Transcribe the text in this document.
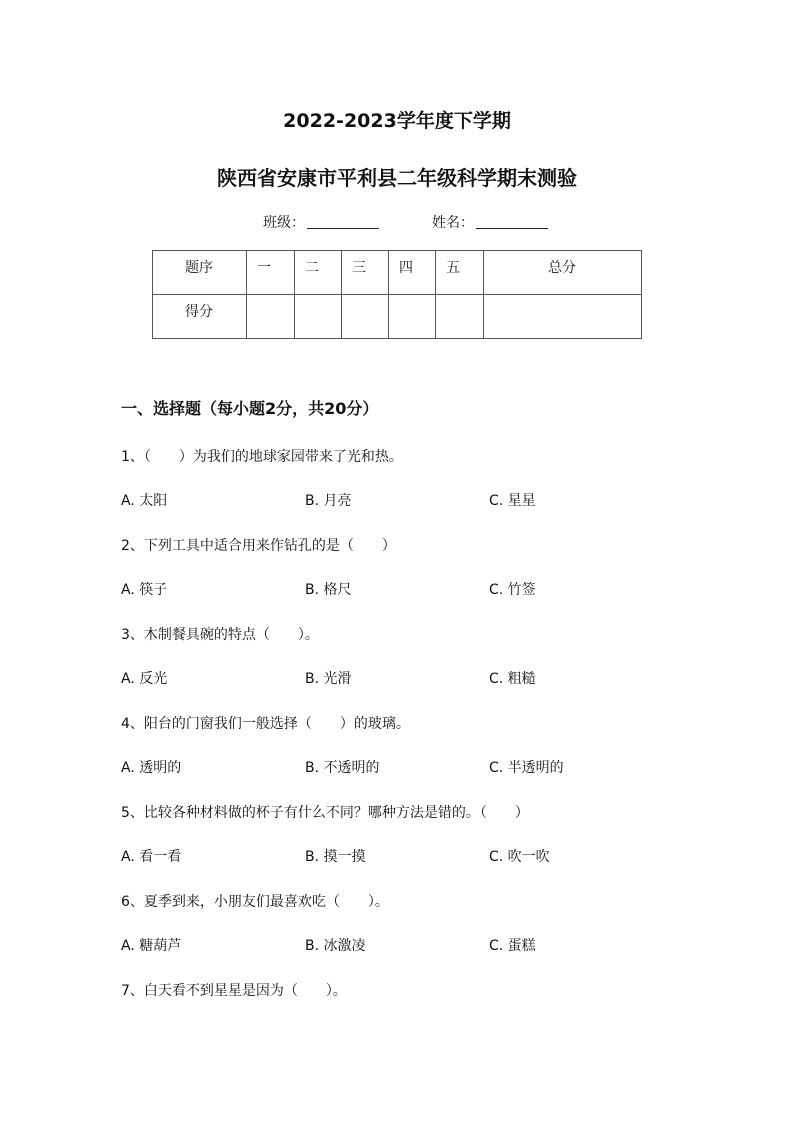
2022-2023学年度下学期
陕西省安康市平利县二年级科学期末测验
班级：	姓名：
题序	一	二	三	四	五	总分
得分						
一、选择题（每小题2分，共20分）
1、（　　）为我们的地球家园带来了光和热。
A. 太阳	B. 月亮	C. 星星
2、下列工具中适合用来作钻孔的是（　　）
A. 筷子	B. 格尺	C. 竹签
3、木制餐具碗的特点（　　）。
A. 反光	B. 光滑	C. 粗糙
4、阳台的门窗我们一般选择（　　）的玻璃。
A. 透明的	B. 不透明的	C. 半透明的
5、比较各种材料做的杯子有什么不同？哪种方法是错的。（　　）
A. 看一看	B. 摸一摸	C. 吹一吹
6、夏季到来，小朋友们最喜欢吃（　　）。
A. 糖葫芦	B. 冰激凌	C. 蛋糕
7、白天看不到星星是因为（　　）。
